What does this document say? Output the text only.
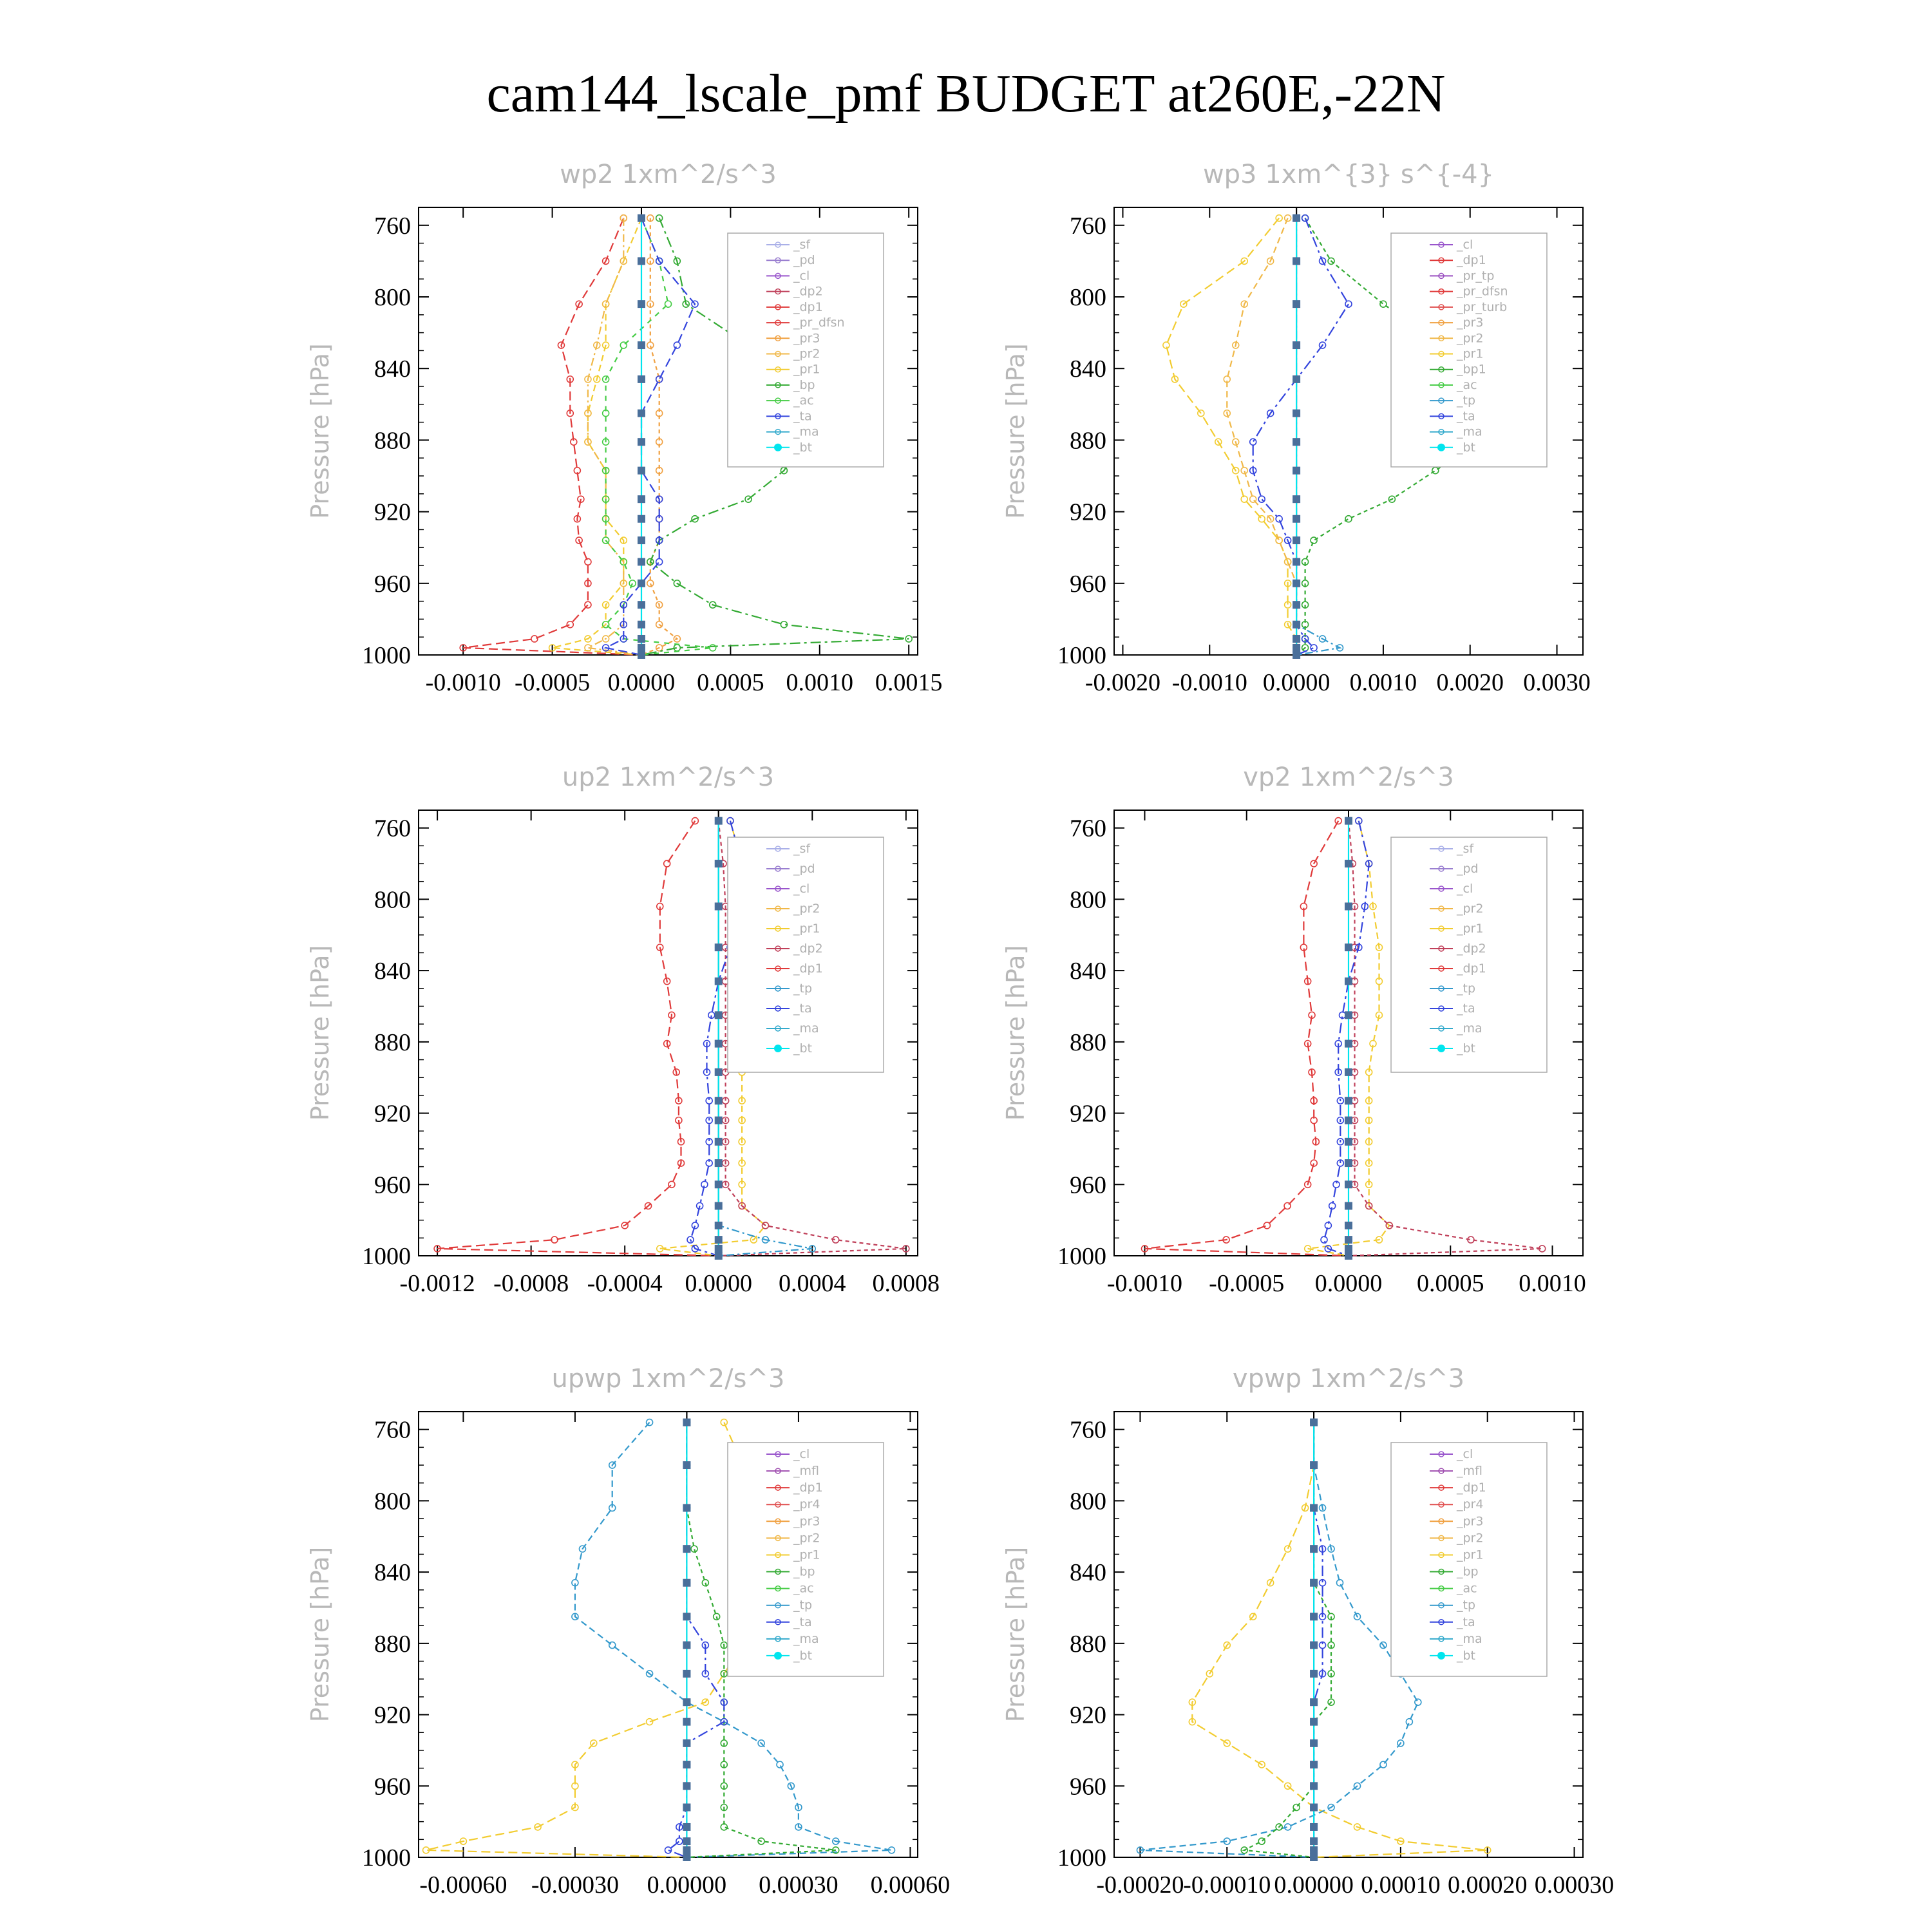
cam144_lscale_pmf BUDGET at260E,-22N
wp2 1xm^2/s^3
Pressure [hPa]
760
800
840
880
920
960
1000
-0.0010 -0.0005 0.0000 0.0005 0.0010 0.0015
_sf
_pd
_cl
_dp2
_dp1
_pr_dfsn
_pr3
_pr2
_pr1
_bp
_ac
_ta
_ma
_bt
wp3 1xm^{3} s^{-4}
Pressure [hPa]
760
800
840
880
920
960
1000
-0.0020 -0.0010 0.0000 0.0010 0.0020 0.0030
_cl
_dp1
_pr_tp
_pr_dfsn
_pr_turb
_pr3
_pr2
_pr1
_bp1
_ac
_tp
_ta
_ma
_bt
up2 1xm^2/s^3
Pressure [hPa]
760
800
840
880
920
960
1000
-0.0012 -0.0008 -0.0004 0.0000 0.0004 0.0008
_sf
_pd
_cl
_pr2
_pr1
_dp2
_dp1
_tp
_ta
_ma
_bt
vp2 1xm^2/s^3
Pressure [hPa]
760
800
840
880
920
960
1000
-0.0010 -0.0005 0.0000 0.0005 0.0010
_sf
_pd
_cl
_pr2
_pr1
_dp2
_dp1
_tp
_ta
_ma
_bt
upwp 1xm^2/s^3
Pressure [hPa]
760
800
840
880
920
960
1000
-0.00060 -0.00030 0.00000 0.00030 0.00060
_cl
_mfl
_dp1
_pr4
_pr3
_pr2
_pr1
_bp
_ac
_tp
_ta
_ma
_bt
vpwp 1xm^2/s^3
Pressure [hPa]
760
800
840
880
920
960
1000
-0.00020
-0.00010 0.00000 0.00010 0.00020 0.00030
_cl
_mfl
_dp1
_pr4
_pr3
_pr2
_pr1
_bp
_ac
_tp
_ta
_ma
_bt
